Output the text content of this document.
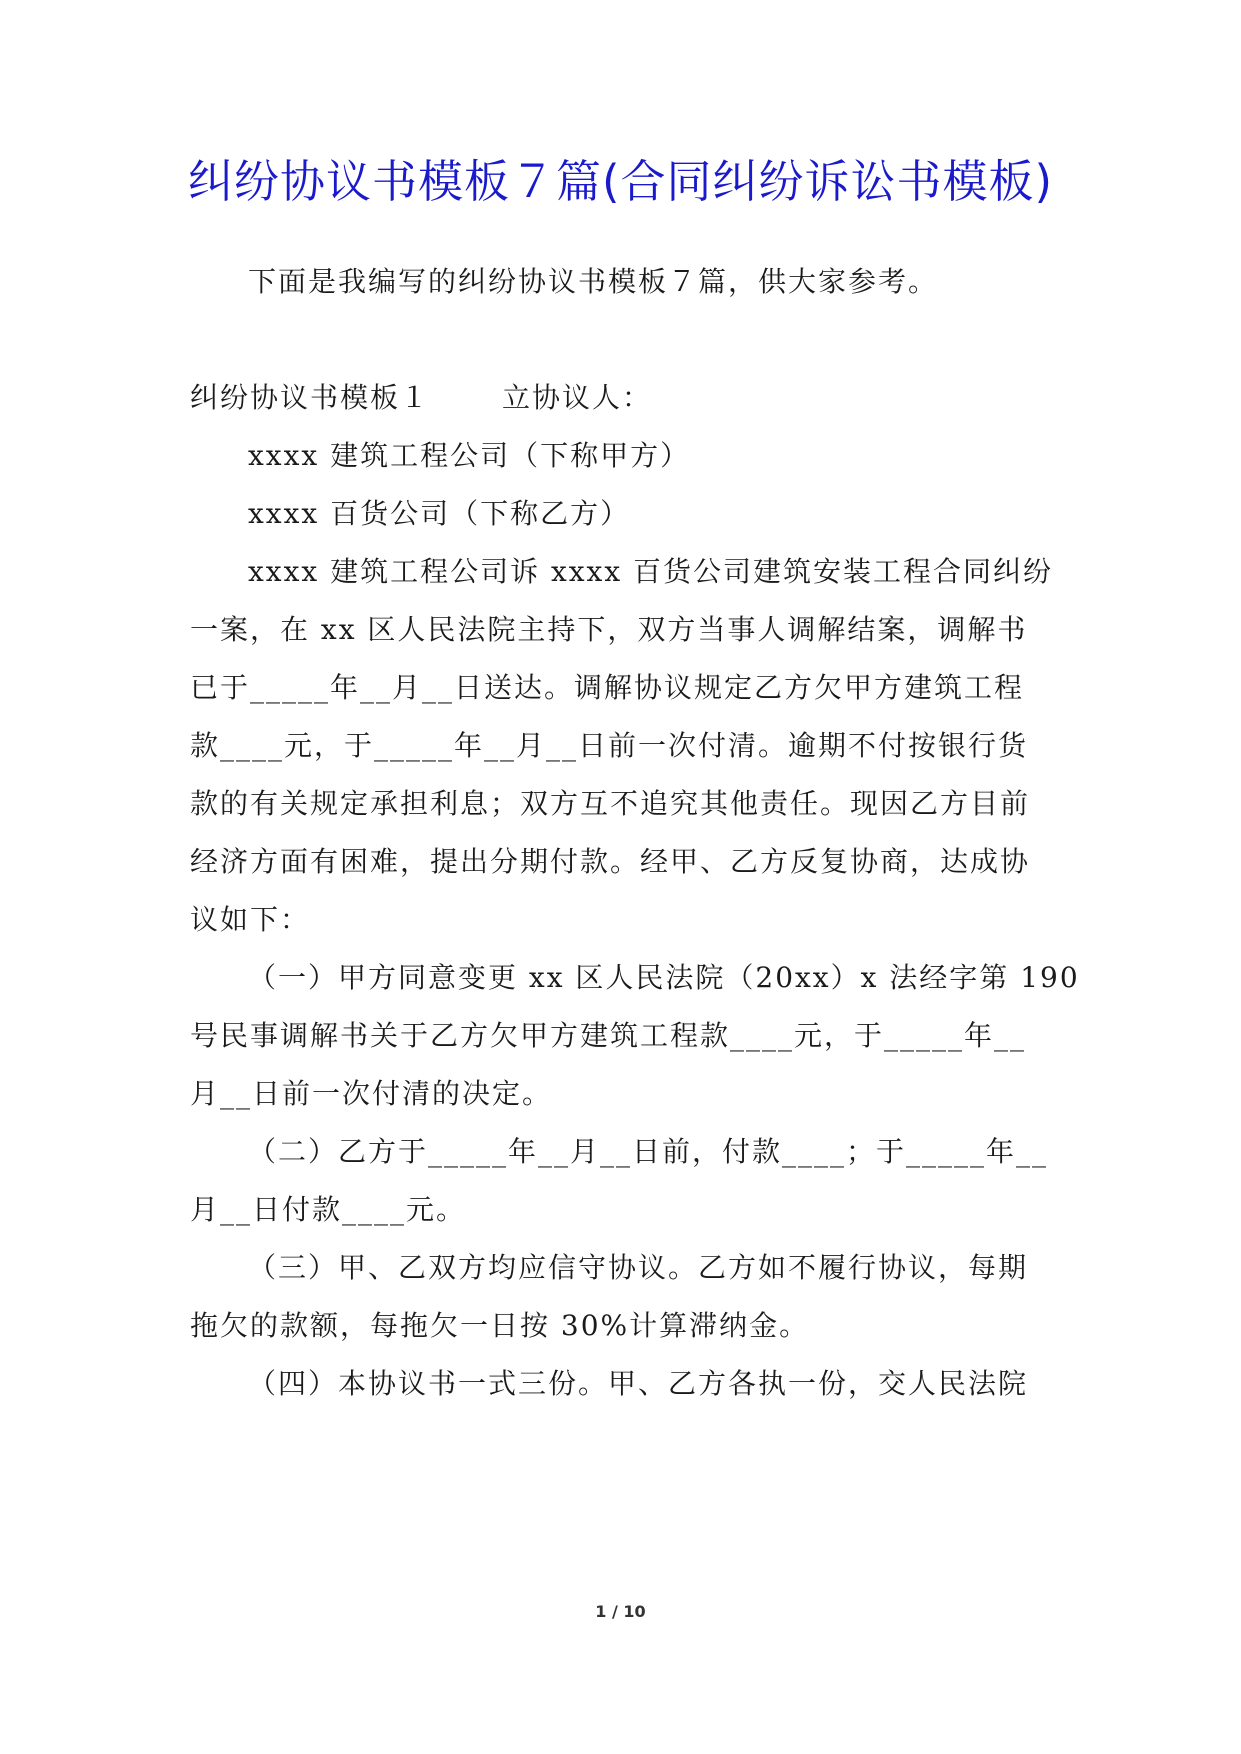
纠纷协议书模板７篇(合同纠纷诉讼书模板)
下面是我编写的纠纷协议书模板７篇，供大家参考。
纠纷协议书模板１	立协议人：
xxxx 建筑工程公司（下称甲方）
xxxx 百货公司（下称乙方）
xxxx 建筑工程公司诉 xxxx 百货公司建筑安装工程合同纠纷
一案，在 xx 区人民法院主持下，双方当事人调解结案，调解书
已于_____年__月__日送达。调解协议规定乙方欠甲方建筑工程
款____元，于_____年__月__日前一次付清。逾期不付按银行货
款的有关规定承担利息；双方互不追究其他责任。现因乙方目前
经济方面有困难，提出分期付款。经甲、乙方反复协商，达成协
议如下：
（一）甲方同意变更 xx 区人民法院（20xx）x 法经字第 190
号民事调解书关于乙方欠甲方建筑工程款____元，于_____年__
月__日前一次付清的决定。
（二）乙方于_____年__月__日前，付款____；于_____年__
月__日付款____元。
（三）甲、乙双方均应信守协议。乙方如不履行协议，每期
拖欠的款额，每拖欠一日按 30%计算滞纳金。
（四）本协议书一式三份。甲、乙方各执一份，交人民法院
1 / 10
